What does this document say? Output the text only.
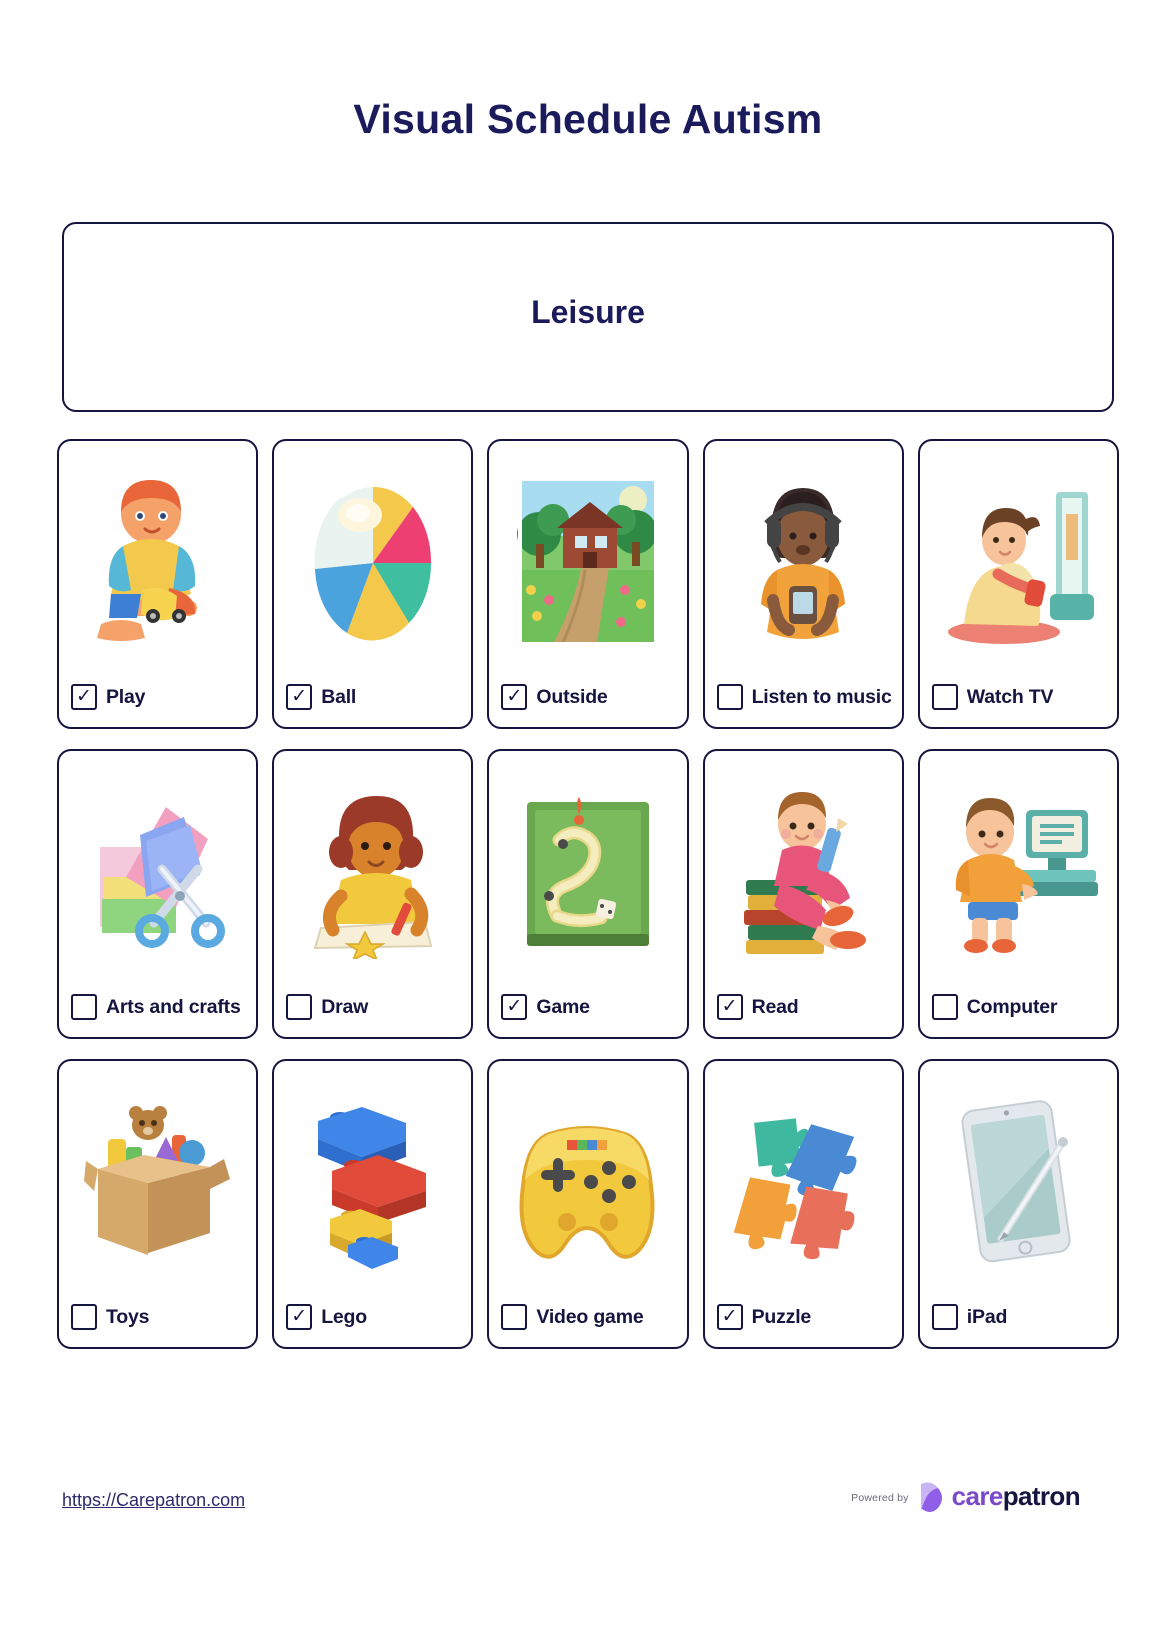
Visual Schedule Autism
Leisure
✓ Play	✓ Ball	✓ Outside	Listen to music	Watch TV
Arts and crafts	Draw	✓ Game	✓ Read	Computer
Toys	✓ Lego	Video game	✓ Puzzle	iPad
https://Carepatron.com	Powered by carepatron
